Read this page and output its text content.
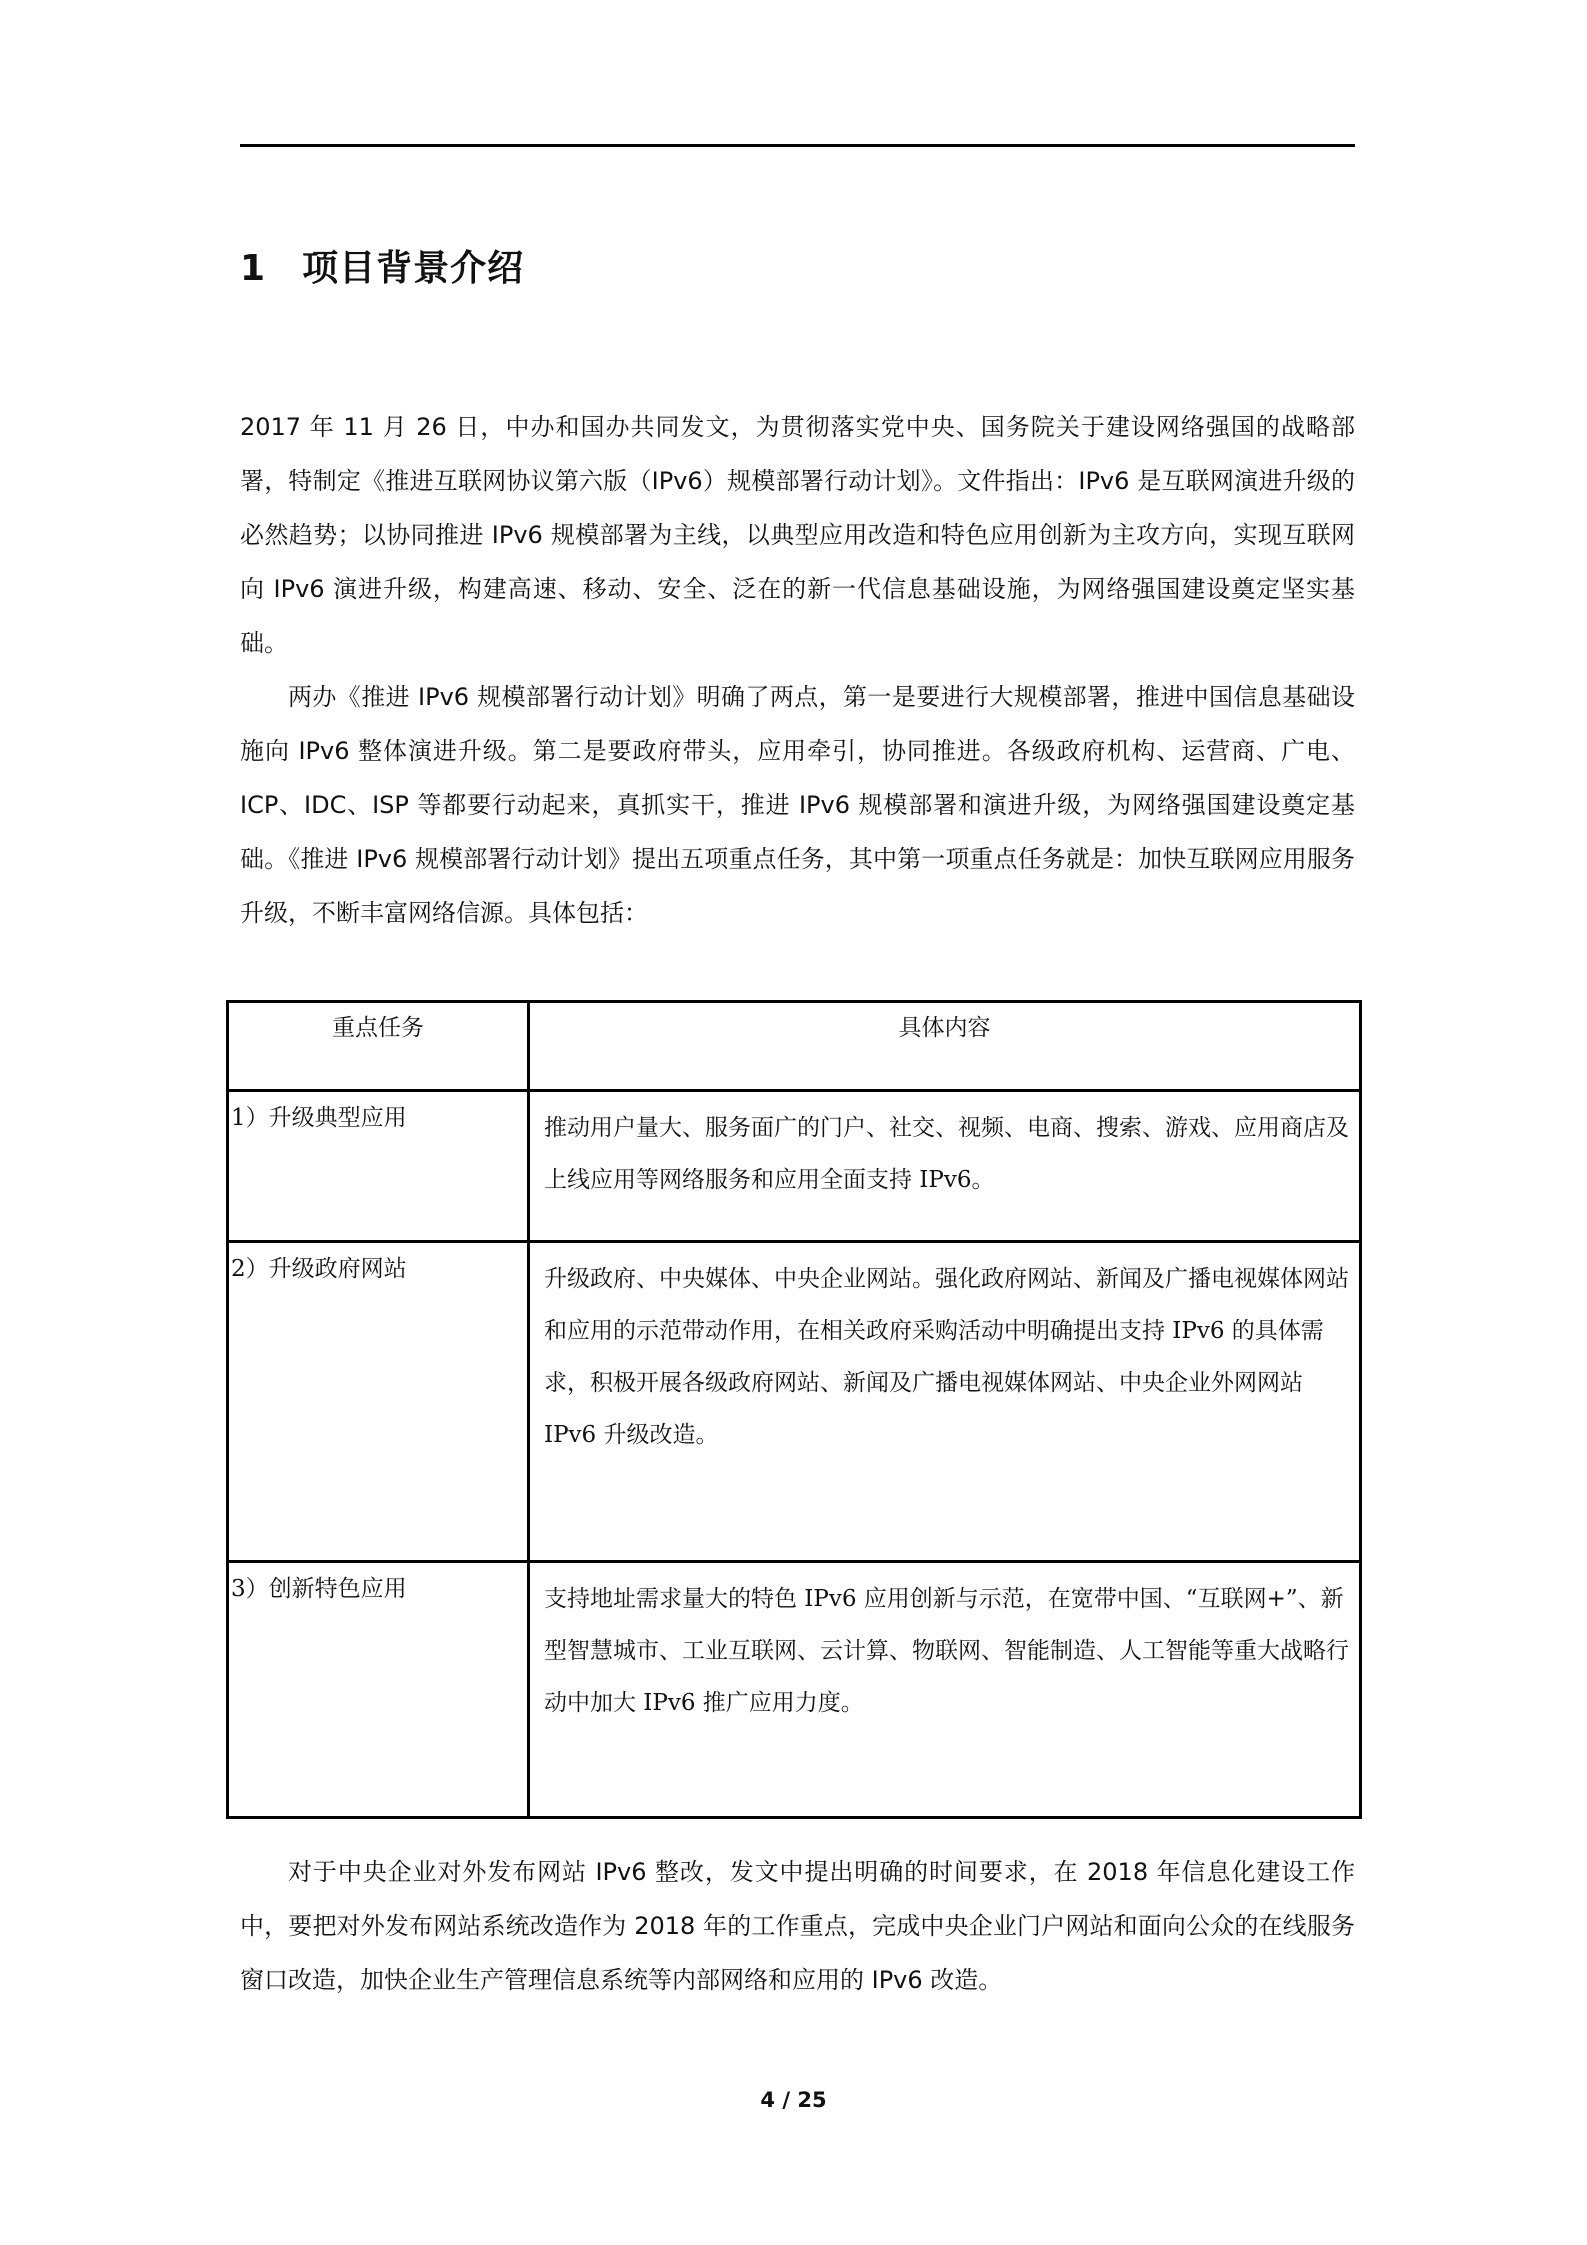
1 项目背景介绍
2017 年 11 月 26 日，中办和国办共同发文，为贯彻落实党中央、国务院关于建设网络强国的战略部署，特制定《推进互联网协议第六版（IPv6）规模部署行动计划》。文件指出：IPv6 是互联网演进升级的必然趋势；以协同推进 IPv6 规模部署为主线，以典型应用改造和特色应用创新为主攻方向，实现互联网向 IPv6 演进升级，构建高速、移动、安全、泛在的新一代信息基础设施，为网络强国建设奠定坚实基础。
两办《推进 IPv6 规模部署行动计划》明确了两点，第一是要进行大规模部署，推进中国信息基础设施向 IPv6 整体演进升级。第二是要政府带头，应用牵引，协同推进。各级政府机构、运营商、广电、ICP、IDC、ISP 等都要行动起来，真抓实干，推进 IPv6 规模部署和演进升级，为网络强国建设奠定基础。《推进 IPv6 规模部署行动计划》提出五项重点任务，其中第一项重点任务就是：加快互联网应用服务升级，不断丰富网络信源。具体包括：
重点任务	具体内容
1）升级典型应用	推动用户量大、服务面广的门户、社交、视频、电商、搜索、游戏、应用商店及上线应用等网络服务和应用全面支持 IPv6。
2）升级政府网站	升级政府、中央媒体、中央企业网站。强化政府网站、新闻及广播电视媒体网站和应用的示范带动作用，在相关政府采购活动中明确提出支持 IPv6 的具体需求，积极开展各级政府网站、新闻及广播电视媒体网站、中央企业外网网站 IPv6 升级改造。
3）创新特色应用	支持地址需求量大的特色 IPv6 应用创新与示范，在宽带中国、“互联网+”、新型智慧城市、工业互联网、云计算、物联网、智能制造、人工智能等重大战略行动中加大 IPv6 推广应用力度。
对于中央企业对外发布网站 IPv6 整改，发文中提出明确的时间要求，在 2018 年信息化建设工作中，要把对外发布网站系统改造作为 2018 年的工作重点，完成中央企业门户网站和面向公众的在线服务窗口改造，加快企业生产管理信息系统等内部网络和应用的 IPv6 改造。
4 / 25
